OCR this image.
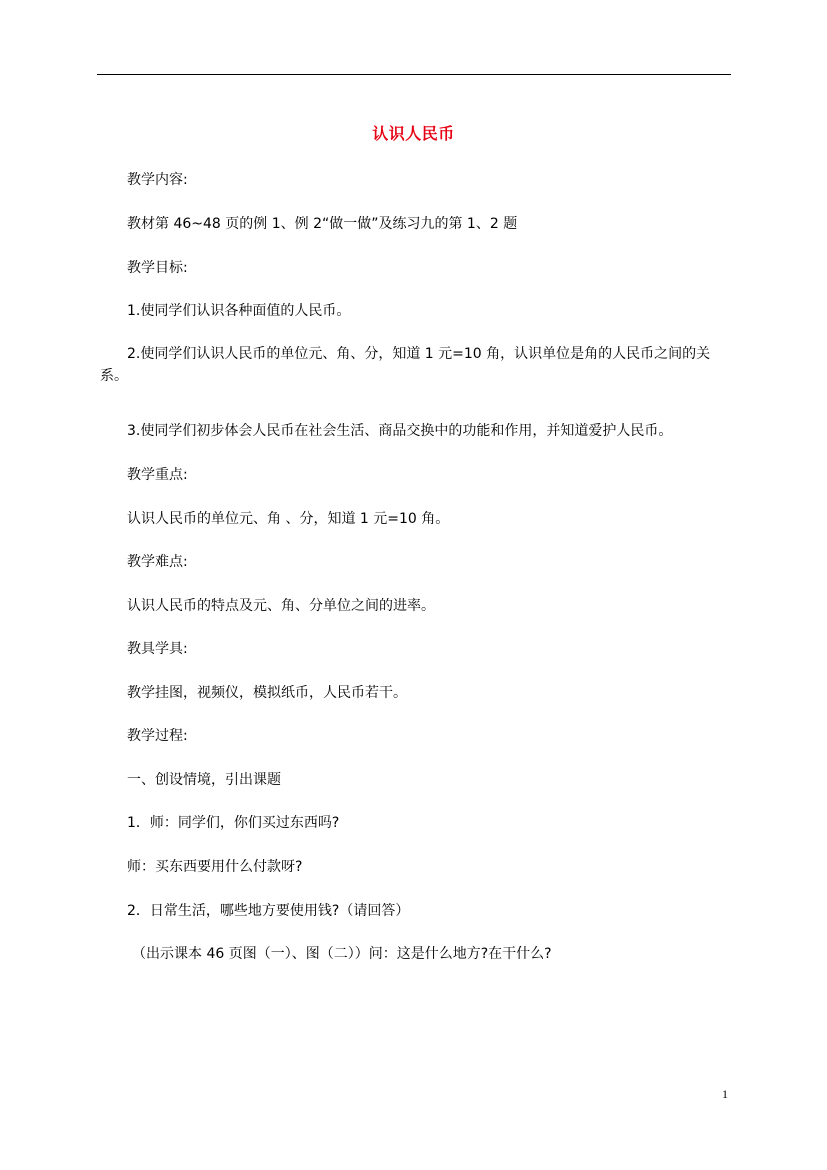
认识人民币
教学内容:
教材第 46~48 页的例 1、例 2“做一做”及练习九的第 1、2 题
教学目标:
1.使同学们认识各种面值的人民币。
2.使同学们认识人民币的单位元、角、分，知道 1 元=10 角，认识单位是角的人民币之间的关系。
3.使同学们初步体会人民币在社会生活、商品交换中的功能和作用，并知道爱护人民币。
教学重点:
认识人民币的单位元、角 、分，知道 1 元=10 角。
教学难点:
认识人民币的特点及元、角、分单位之间的进率。
教具学具:
教学挂图，视频仪，模拟纸币，人民币若干。
教学过程:
一、创设情境，引出课题
1．师：同学们，你们买过东西吗?
师：买东西要用什么付款呀?
2．日常生活，哪些地方要使用钱?（请回答）
（出示课本 46 页图（一）、图（二））问：这是什么地方?在干什么?
1
